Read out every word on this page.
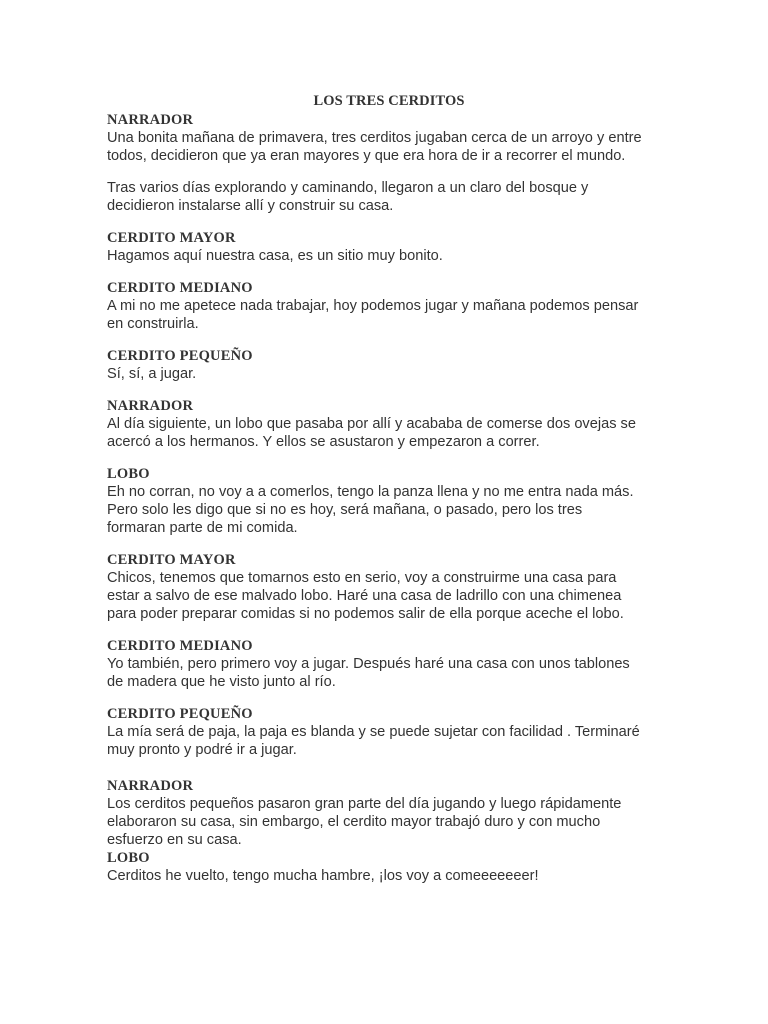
LOS TRES CERDITOS
NARRADOR
Una bonita mañana de primavera, tres cerditos jugaban cerca de un arroyo y entre
todos, decidieron que ya eran mayores y que era hora de ir a recorrer el mundo.
Tras varios días explorando y caminando, llegaron a un claro del bosque y
decidieron instalarse allí y construir su casa.
CERDITO MAYOR
Hagamos aquí nuestra casa, es un sitio muy bonito.
CERDITO MEDIANO
A mi no me apetece nada trabajar, hoy podemos jugar y mañana podemos pensar
en construirla.
CERDITO PEQUEÑO
Sí, sí, a jugar.
NARRADOR
Al día siguiente, un lobo que pasaba por allí y acababa de comerse dos ovejas se
acercó a los hermanos. Y ellos se asustaron y empezaron a correr.
LOBO
Eh no corran, no voy a a comerlos, tengo la panza llena y no me entra nada más.
Pero solo les digo que si no es hoy, será mañana, o pasado, pero los tres
formaran parte de mi comida.
CERDITO MAYOR
Chicos, tenemos que tomarnos esto en serio, voy a construirme una casa para
estar a salvo de ese malvado lobo. Haré una casa de ladrillo con una chimenea
para poder preparar comidas si no podemos salir de ella porque aceche el lobo.
CERDITO MEDIANO
Yo también, pero primero voy a jugar. Después haré una casa con unos tablones
de madera que he visto junto al río.
CERDITO PEQUEÑO
La mía será de paja, la paja es blanda y se puede sujetar con facilidad . Terminaré
muy pronto y podré ir a jugar.
NARRADOR
Los cerditos pequeños pasaron gran parte del día jugando y luego rápidamente
elaboraron su casa, sin embargo, el cerdito mayor trabajó duro y con mucho
esfuerzo en su casa.
LOBO
Cerditos he vuelto, tengo mucha hambre, ¡los voy a comeeeeeeer!
